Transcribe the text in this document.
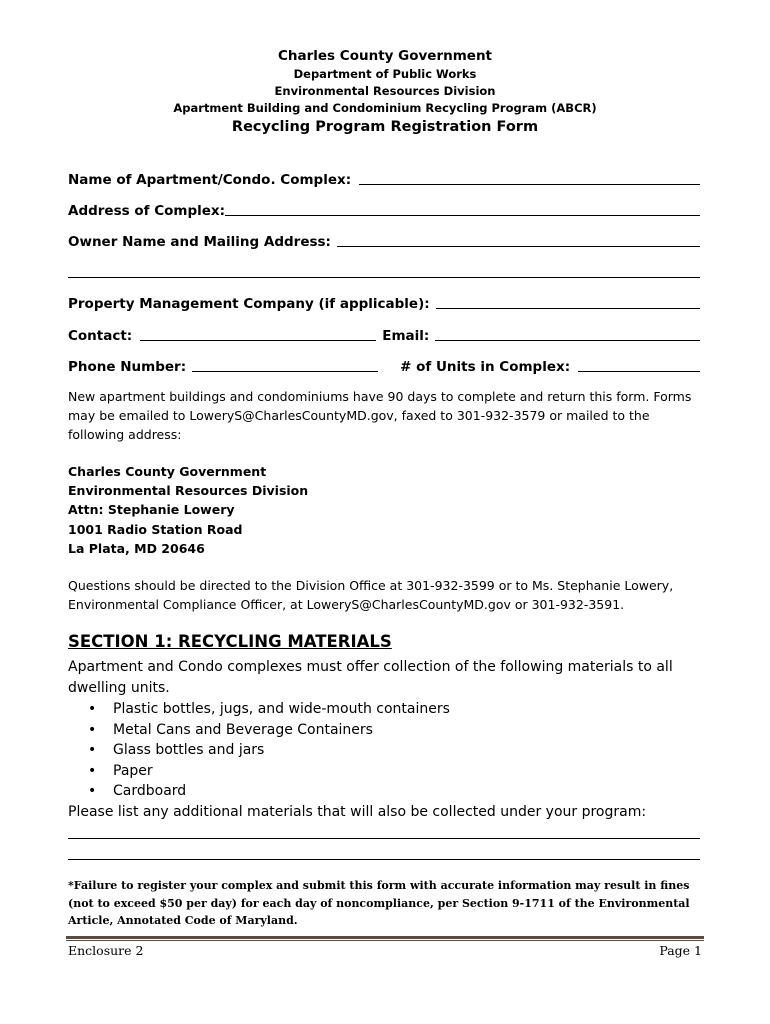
Charles County Government
Department of Public Works
Environmental Resources Division
Apartment Building and Condominium Recycling Program (ABCR)
Recycling Program Registration Form
Name of Apartment/Condo. Complex:
Address of Complex:
Owner Name and Mailing Address:
Property Management Company (if applicable):
Contact:	Email:
Phone Number:	# of Units in Complex:
New apartment buildings and condominiums have 90 days to complete and return this form. Forms may be emailed to LoweryS@CharlesCountyMD.gov, faxed to 301-932-3579 or mailed to the following address:
Charles County Government
Environmental Resources Division
Attn: Stephanie Lowery
1001 Radio Station Road
La Plata, MD 20646
Questions should be directed to the Division Office at 301-932-3599 or to Ms. Stephanie Lowery, Environmental Compliance Officer, at LoweryS@CharlesCountyMD.gov or 301-932-3591.
SECTION 1: RECYCLING MATERIALS
Apartment and Condo complexes must offer collection of the following materials to all dwelling units.
• Plastic bottles, jugs, and wide-mouth containers
• Metal Cans and Beverage Containers
• Glass bottles and jars
• Paper
• Cardboard
Please list any additional materials that will also be collected under your program:
*Failure to register your complex and submit this form with accurate information may result in fines (not to exceed $50 per day) for each day of noncompliance, per Section 9-1711 of the Environmental Article, Annotated Code of Maryland.
Enclosure 2	Page 1
